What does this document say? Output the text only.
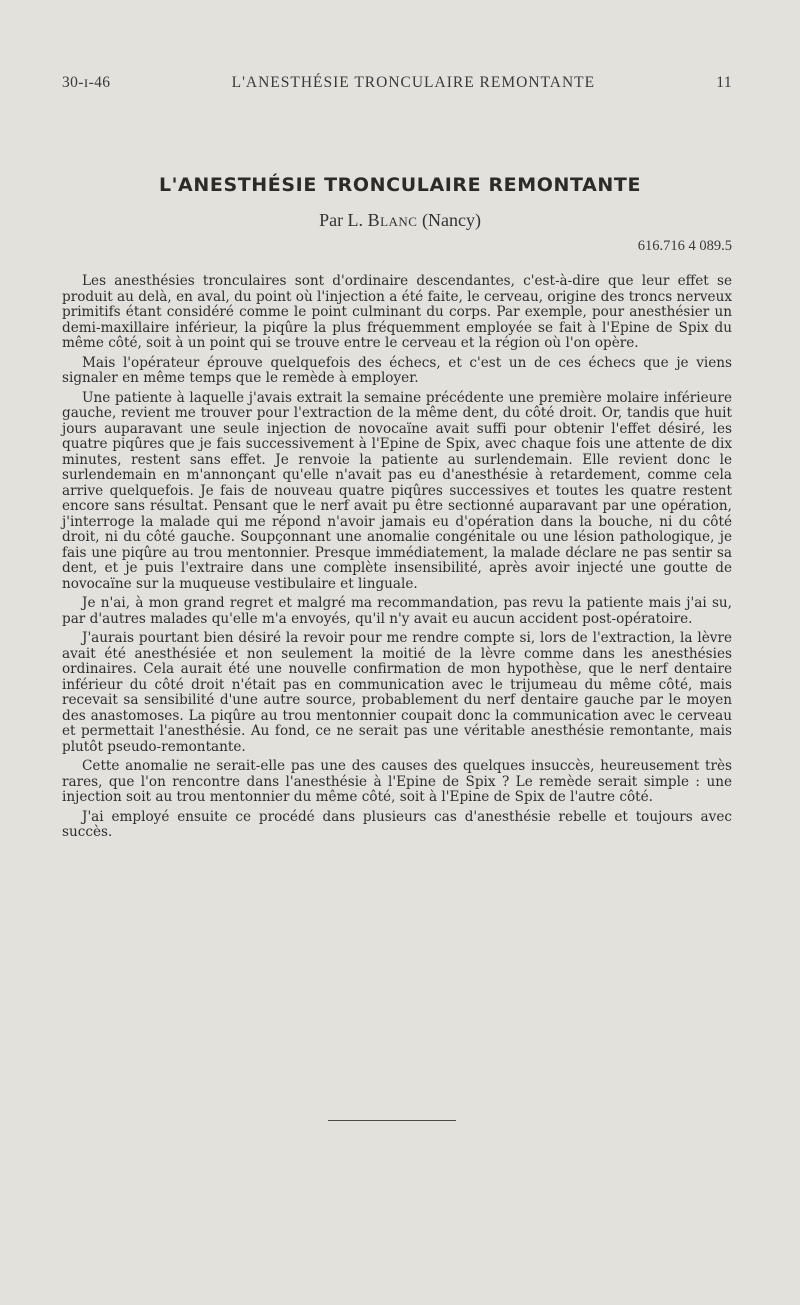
30-ɪ-46	L'ANESTHÉSIE TRONCULAIRE REMONTANTE	11
L'ANESTHÉSIE TRONCULAIRE REMONTANTE
Par L. Blanc (Nancy)
616.716 4 089.5

Les anesthésies tronculaires sont d'ordinaire descendantes, c'est-à-dire que leur effet se produit au delà, en aval, du point où l'injection a été faite, le cerveau, origine des troncs nerveux primitifs étant considéré comme le point culminant du corps. Par exemple, pour anesthésier un demi-maxillaire inférieur, la piqûre la plus fréquemment employée se fait à l'Epine de Spix du même côté, soit à un point qui se trouve entre le cerveau et la région où l'on opère.

Mais l'opérateur éprouve quelquefois des échecs, et c'est un de ces échecs que je viens signaler en même temps que le remède à employer.

Une patiente à laquelle j'avais extrait la semaine précédente une première molaire inférieure gauche, revient me trouver pour l'extraction de la même dent, du côté droit. Or, tandis que huit jours auparavant une seule injection de novocaïne avait suffi pour obtenir l'effet désiré, les quatre piqûres que je fais successivement à l'Epine de Spix, avec chaque fois une attente de dix minutes, restent sans effet. Je renvoie la patiente au surlendemain. Elle revient donc le surlendemain en m'annonçant qu'elle n'avait pas eu d'anesthésie à retardement, comme cela arrive quelquefois. Je fais de nouveau quatre piqûres successives et toutes les quatre restent encore sans résultat. Pensant que le nerf avait pu être sectionné auparavant par une opération, j'interroge la malade qui me répond n'avoir jamais eu d'opération dans la bouche, ni du côté droit, ni du côté gauche. Soupçonnant une anomalie congénitale ou une lésion pathologique, je fais une piqûre au trou mentonnier. Presque immédiatement, la malade déclare ne pas sentir sa dent, et je puis l'extraire dans une complète insensibilité, après avoir injecté une goutte de novocaïne sur la muqueuse vestibulaire et linguale.

Je n'ai, à mon grand regret et malgré ma recommandation, pas revu la patiente mais j'ai su, par d'autres malades qu'elle m'a envoyés, qu'il n'y avait eu aucun accident post-opératoire.

J'aurais pourtant bien désiré la revoir pour me rendre compte si, lors de l'extraction, la lèvre avait été anesthésiée et non seulement la moitié de la lèvre comme dans les anesthésies ordinaires. Cela aurait été une nouvelle confirmation de mon hypothèse, que le nerf dentaire inférieur du côté droit n'était pas en communication avec le trijumeau du même côté, mais recevait sa sensibilité d'une autre source, probablement du nerf dentaire gauche par le moyen des anastomoses. La piqûre au trou mentonnier coupait donc la communication avec le cerveau et permettait l'anesthésie. Au fond, ce ne serait pas une véritable anesthésie remontante, mais plutôt pseudo-remontante.

Cette anomalie ne serait-elle pas une des causes des quelques insuccès, heureusement très rares, que l'on rencontre dans l'anesthésie à l'Epine de Spix ? Le remède serait simple : une injection soit au trou mentonnier du même côté, soit à l'Epine de Spix de l'autre côté.

J'ai employé ensuite ce procédé dans plusieurs cas d'anesthésie rebelle et toujours avec succès.
